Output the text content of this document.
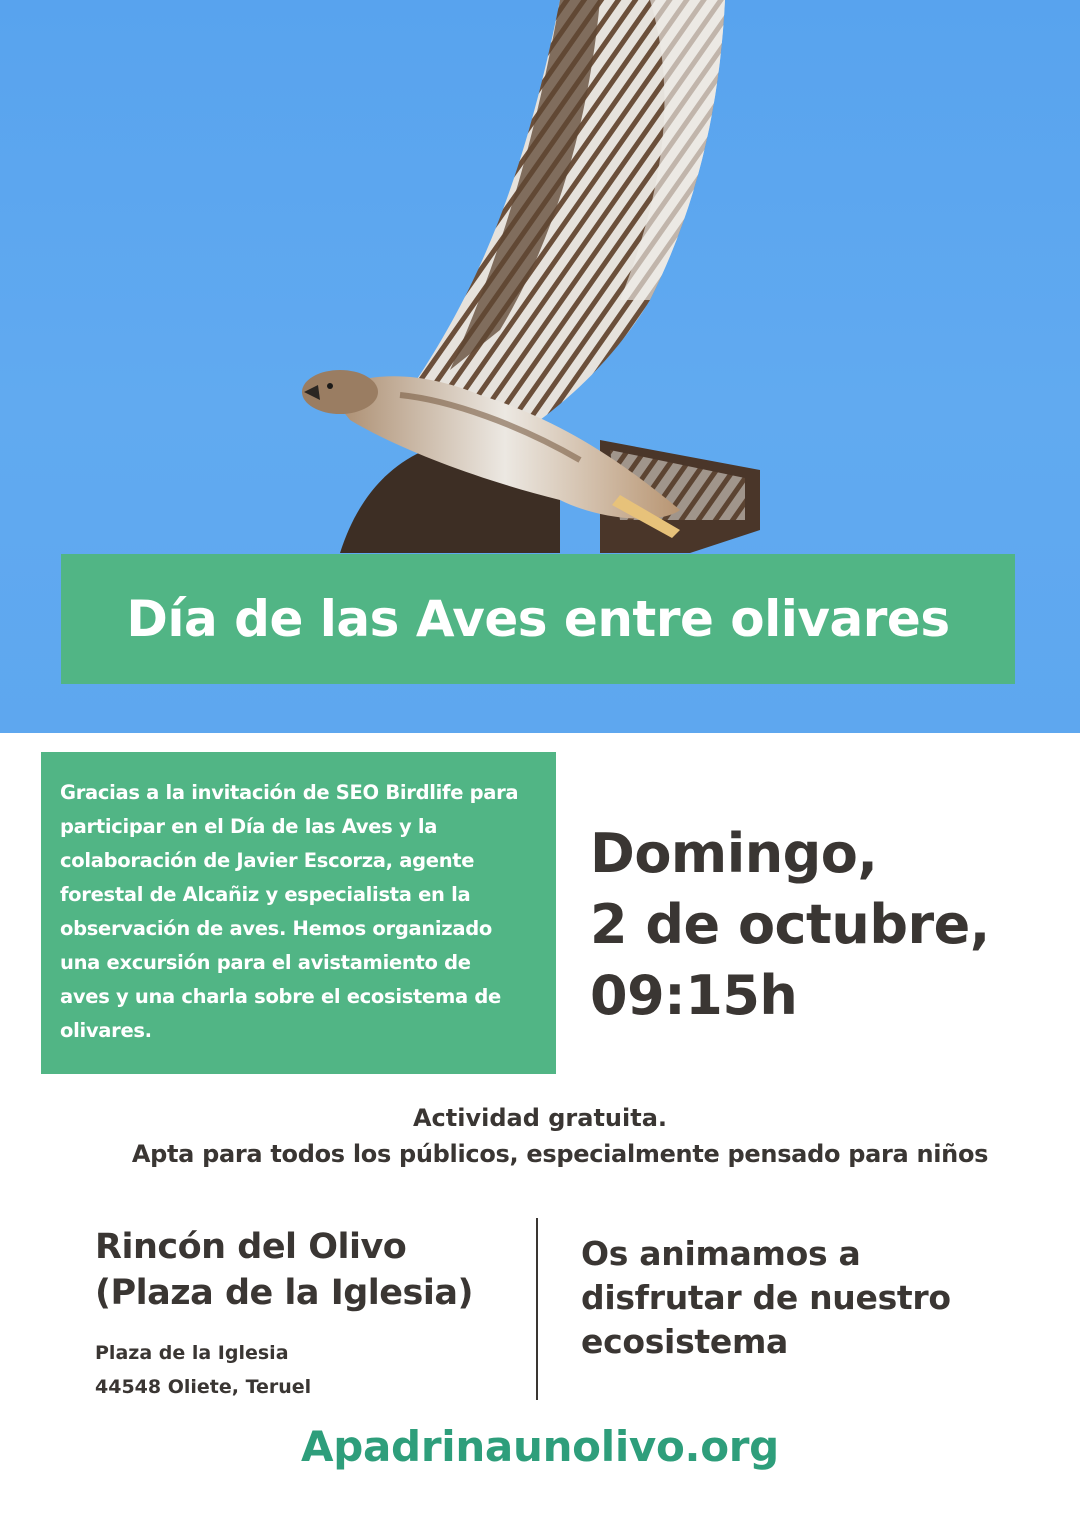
Día de las Aves entre olivares

Gracias a la invitación de SEO Birdlife para participar en el Día de las Aves y la colaboración de Javier Escorza, agente forestal de Alcañiz y especialista en la observación de aves. Hemos organizado una excursión para el avistamiento de aves y una charla sobre el ecosistema de olivares.

Domingo,
2 de octubre,
09:15h
Actividad gratuita.
Apta para todos los públicos, especialmente pensado para niños
Rincón del Olivo
(Plaza de la Iglesia)
Plaza de la Iglesia
44548 Oliete, Teruel
Os animamos a
disfrutar de nuestro
ecosistema
Apadrinaunolivo.org
